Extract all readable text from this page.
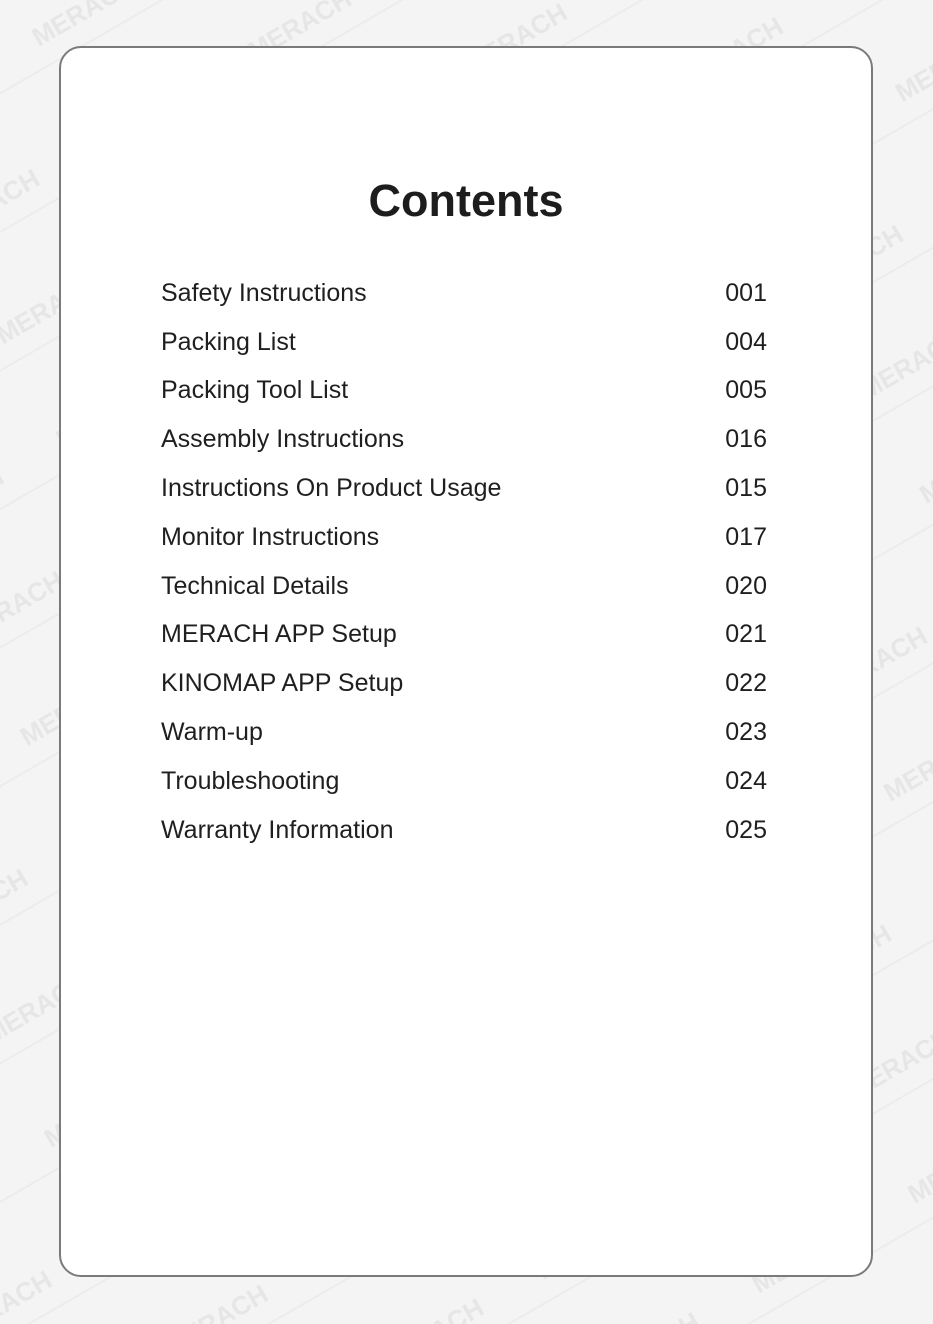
Contents
Safety Instructions	001
Packing List	004
Packing Tool List	005
Assembly Instructions	016
Instructions On Product Usage	015
Monitor Instructions	017
Technical Details	020
MERACH APP Setup	021
KINOMAP APP Setup	022
Warm-up	023
Troubleshooting	024
Warranty Information	025
